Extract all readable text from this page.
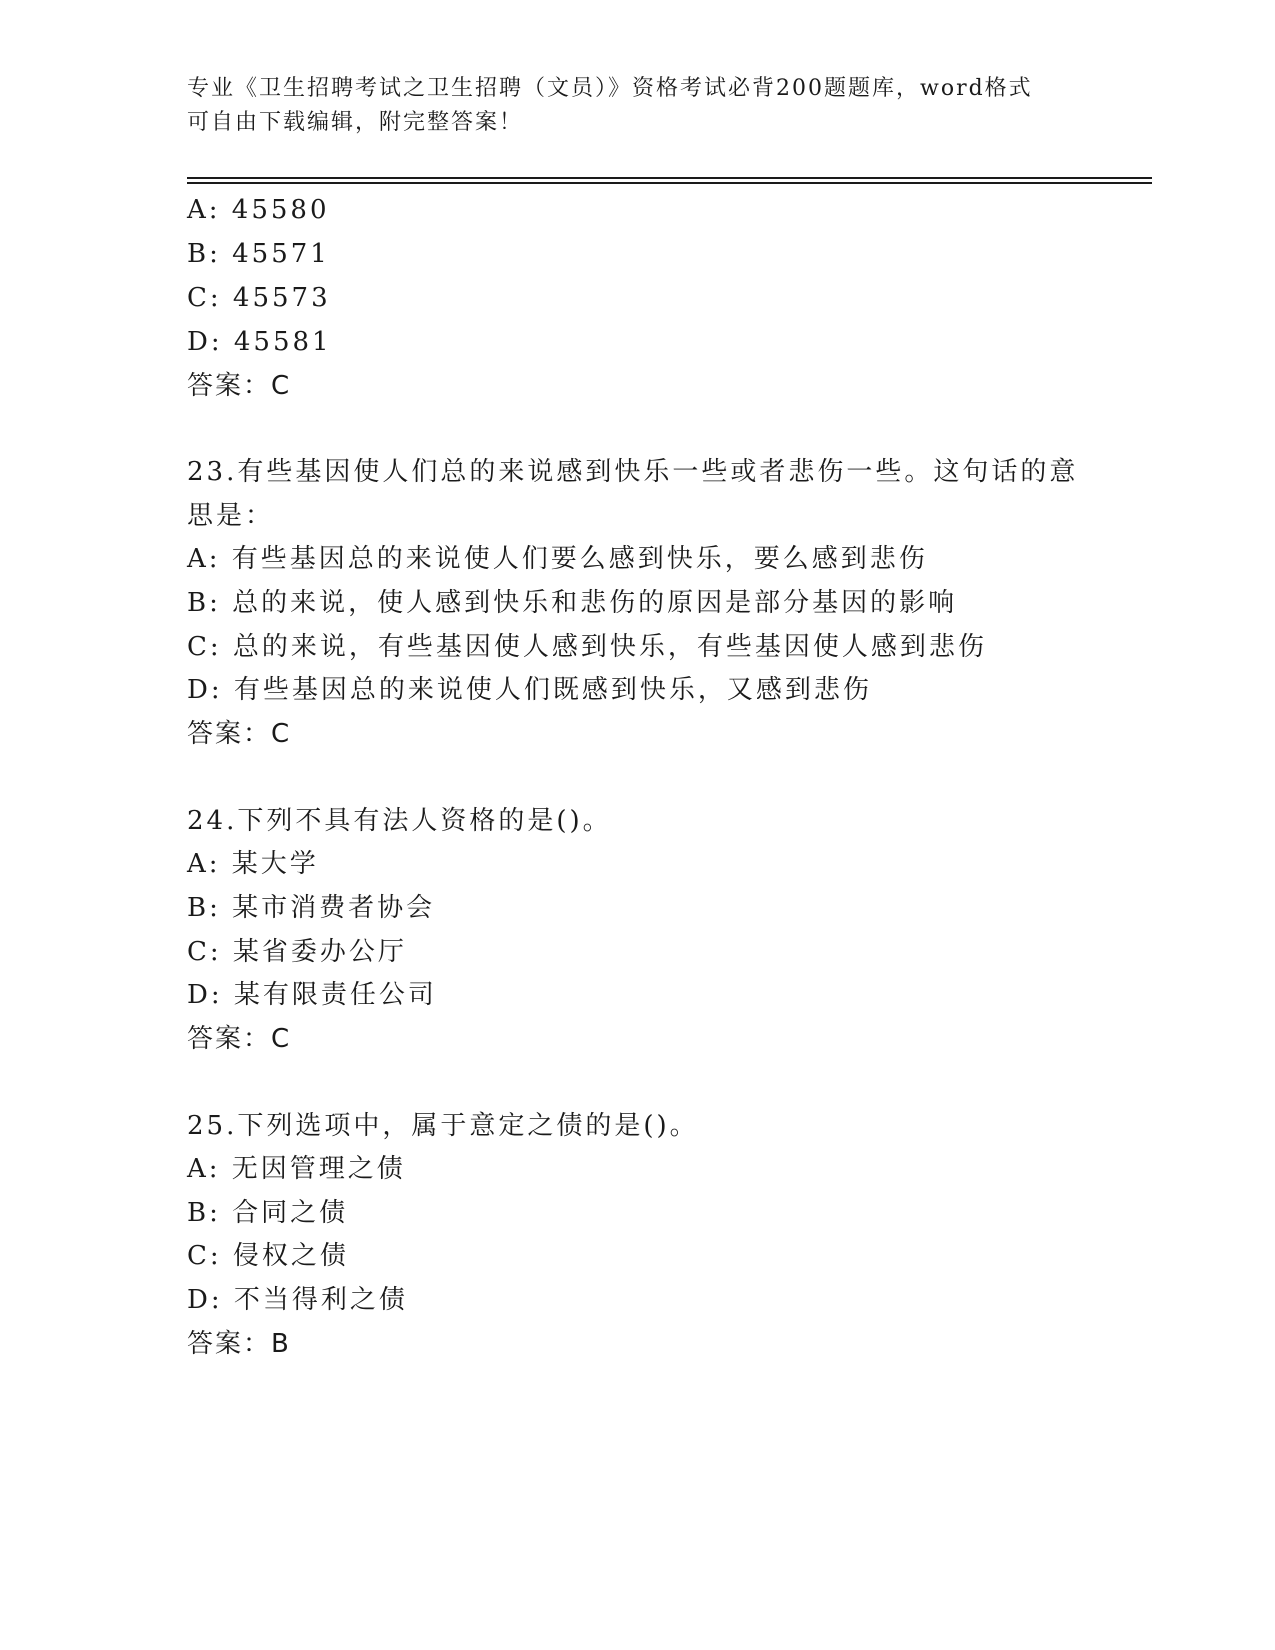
专业《卫生招聘考试之卫生招聘（文员）》资格考试必背200题题库，word格式
可自由下载编辑，附完整答案！
A: 45580
B: 45571
C: 45573
D: 45581
答案：C
23.有些基因使人们总的来说感到快乐一些或者悲伤一些。这句话的意
思是：
A: 有些基因总的来说使人们要么感到快乐，要么感到悲伤
B: 总的来说，使人感到快乐和悲伤的原因是部分基因的影响
C: 总的来说，有些基因使人感到快乐，有些基因使人感到悲伤
D: 有些基因总的来说使人们既感到快乐，又感到悲伤
答案：C
24.下列不具有法人资格的是()。
A: 某大学
B: 某市消费者协会
C: 某省委办公厅
D: 某有限责任公司
答案：C
25.下列选项中，属于意定之债的是()。
A: 无因管理之债
B: 合同之债
C: 侵权之债
D: 不当得利之债
答案：B
